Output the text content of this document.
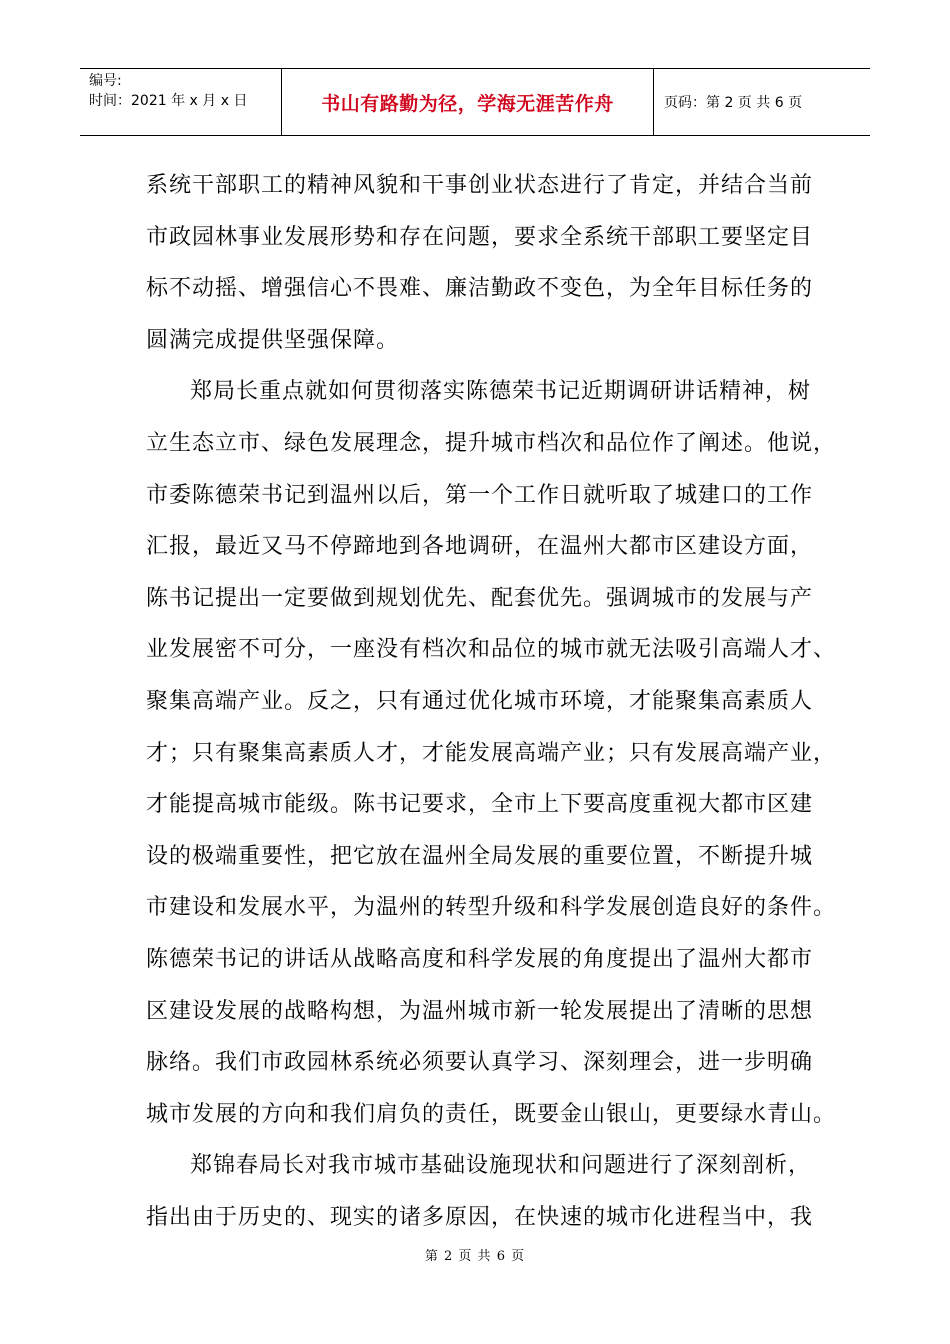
编号:
时间：2021 年 x 月 x 日	书山有路勤为径，学海无涯苦作舟	页码：第 2 页 共 6 页
系统干部职工的精神风貌和干事创业状态进行了肯定，并结合当前
市政园林事业发展形势和存在问题，要求全系统干部职工要坚定目
标不动摇、增强信心不畏难、廉洁勤政不变色，为全年目标任务的
圆满完成提供坚强保障。
郑局长重点就如何贯彻落实陈德荣书记近期调研讲话精神，树
立生态立市、绿色发展理念，提升城市档次和品位作了阐述。他说，
市委陈德荣书记到温州以后，第一个工作日就听取了城建口的工作
汇报，最近又马不停蹄地到各地调研，在温州大都市区建设方面，
陈书记提出一定要做到规划优先、配套优先。强调城市的发展与产
业发展密不可分，一座没有档次和品位的城市就无法吸引高端人才、
聚集高端产业。反之，只有通过优化城市环境，才能聚集高素质人
才；只有聚集高素质人才，才能发展高端产业；只有发展高端产业，
才能提高城市能级。陈书记要求，全市上下要高度重视大都市区建
设的极端重要性，把它放在温州全局发展的重要位置，不断提升城
市建设和发展水平，为温州的转型升级和科学发展创造良好的条件。
陈德荣书记的讲话从战略高度和科学发展的角度提出了温州大都市
区建设发展的战略构想，为温州城市新一轮发展提出了清晰的思想
脉络。我们市政园林系统必须要认真学习、深刻理会，进一步明确
城市发展的方向和我们肩负的责任，既要金山银山，更要绿水青山。
郑锦春局长对我市城市基础设施现状和问题进行了深刻剖析，
指出由于历史的、现实的诸多原因，在快速的城市化进程当中，我
第 2 页 共 6 页
